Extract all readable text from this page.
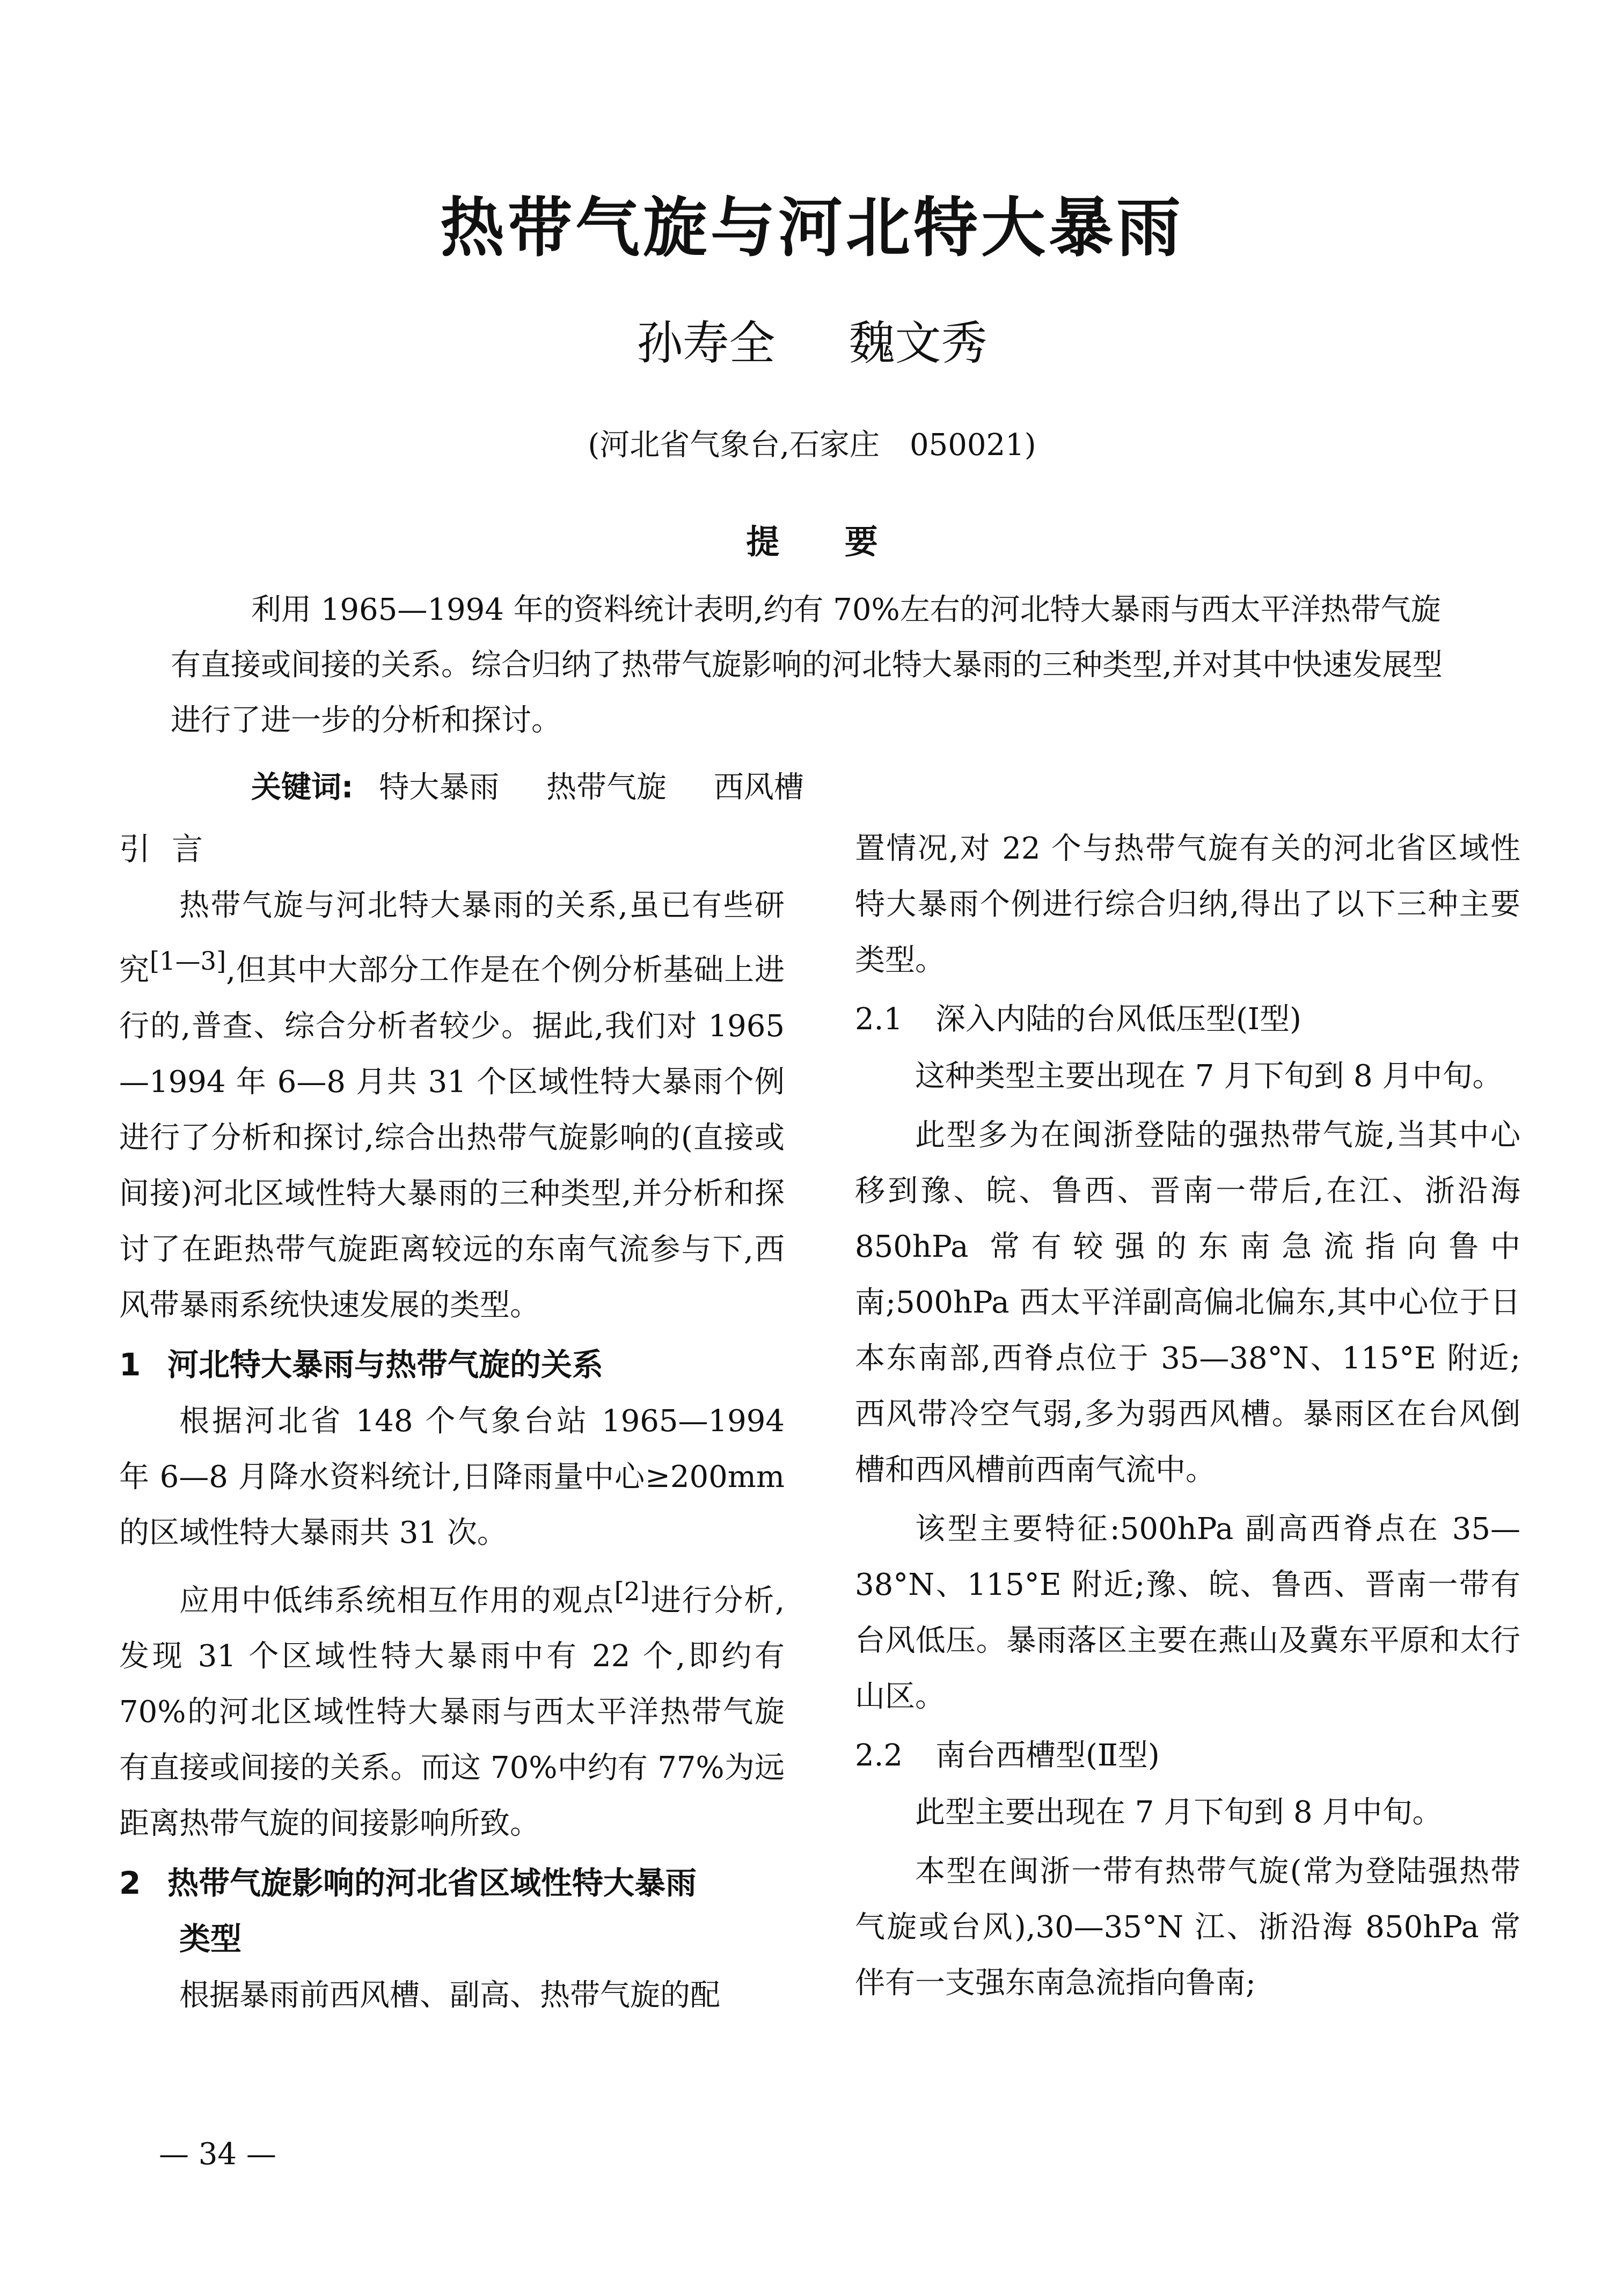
热带气旋与河北特大暴雨
孙寿全 魏文秀
(河北省气象台,石家庄　050021)
提 要

利用 1965—1994 年的资料统计表明,约有 70%左右的河北特大暴雨与西太平洋热带气旋有直接或间接的关系。综合归纳了热带气旋影响的河北特大暴雨的三种类型,并对其中快速发展型进行了进一步的分析和探讨。

关键词: 特大暴雨 热带气旋 西风槽
引言

热带气旋与河北特大暴雨的关系,虽已有些研究[1—3],但其中大部分工作是在个例分析基础上进行的,普查、综合分析者较少。据此,我们对 1965—1994 年 6—8 月共 31 个区域性特大暴雨个例进行了分析和探讨,综合出热带气旋影响的(直接或间接)河北区域性特大暴雨的三种类型,并分析和探讨了在距热带气旋距离较远的东南气流参与下,西风带暴雨系统快速发展的类型。

1 河北特大暴雨与热带气旋的关系

根据河北省 148 个气象台站 1965—1994 年 6—8 月降水资料统计,日降雨量中心≥200mm 的区域性特大暴雨共 31 次。

应用中低纬系统相互作用的观点[2]进行分析,发现 31 个区域性特大暴雨中有 22 个,即约有 70%的河北区域性特大暴雨与西太平洋热带气旋有直接或间接的关系。而这 70%中约有 77%为远距离热带气旋的间接影响所致。

2 热带气旋影响的河北省区域性特大暴雨
类型

根据暴雨前西风槽、副高、热带气旋的配

置情况,对 22 个与热带气旋有关的河北省区域性特大暴雨个例进行综合归纳,得出了以下三种主要类型。

2.1 深入内陆的台风低压型(Ⅰ型)

这种类型主要出现在 7 月下旬到 8 月中旬。

此型多为在闽浙登陆的强热带气旋,当其中心移到豫、皖、鲁西、晋南一带后,在江、浙沿海 850hPa 常有较强的东南急流指向鲁中南;500hPa 西太平洋副高偏北偏东,其中心位于日本东南部,西脊点位于 35—38°N、115°E 附近;西风带冷空气弱,多为弱西风槽。暴雨区在台风倒槽和西风槽前西南气流中。

该型主要特征:500hPa 副高西脊点在 35—38°N、115°E 附近;豫、皖、鲁西、晋南一带有台风低压。暴雨落区主要在燕山及冀东平原和太行山区。

2.2 南台西槽型(Ⅱ型)

此型主要出现在 7 月下旬到 8 月中旬。

本型在闽浙一带有热带气旋(常为登陆强热带气旋或台风),30—35°N 江、浙沿海 850hPa 常伴有一支强东南急流指向鲁南;

— 34 —
